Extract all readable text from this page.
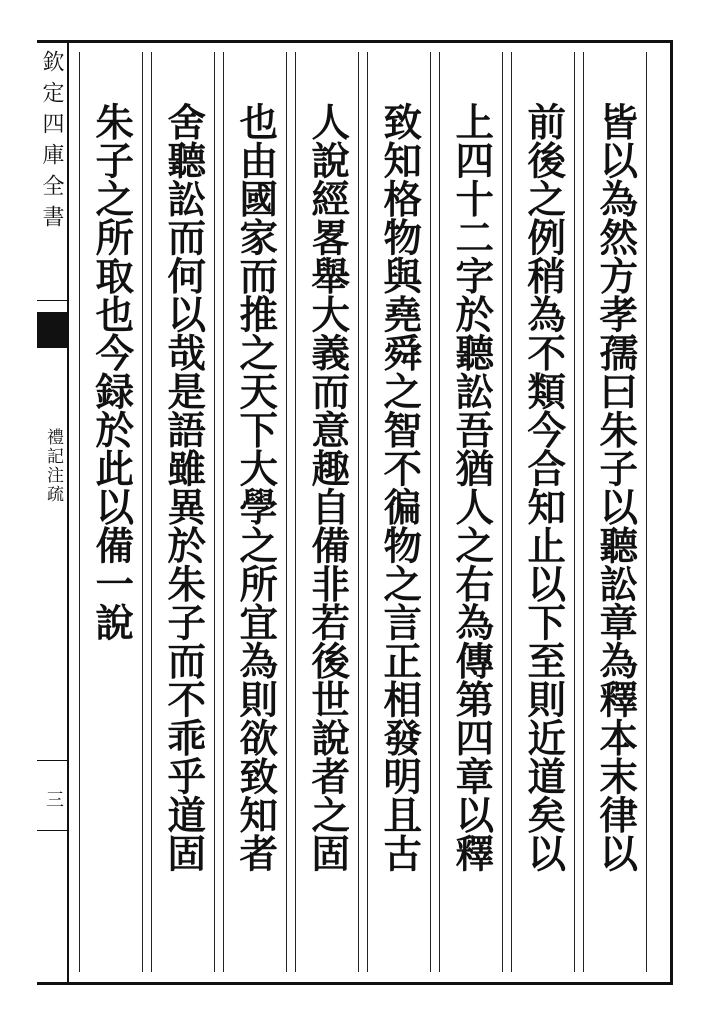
欽定四庫全書
禮記注疏
三	皆以為然方孝孺曰朱子以聽訟章為釋本末律以
前後之例稍為不類今合知止以下至則近道矣以
上四十二字於聽訟吾猶人之右為傳第四章以釋
致知格物與堯舜之智不徧物之言正相發明且古
人說經畧舉大義而意趣自備非若後世說者之固
也由國家而推之天下大學之所宜為則欲致知者
舍聽訟而何以哉是語雖異於朱子而不乖乎道固
朱子之所取也今録於此以備一說
